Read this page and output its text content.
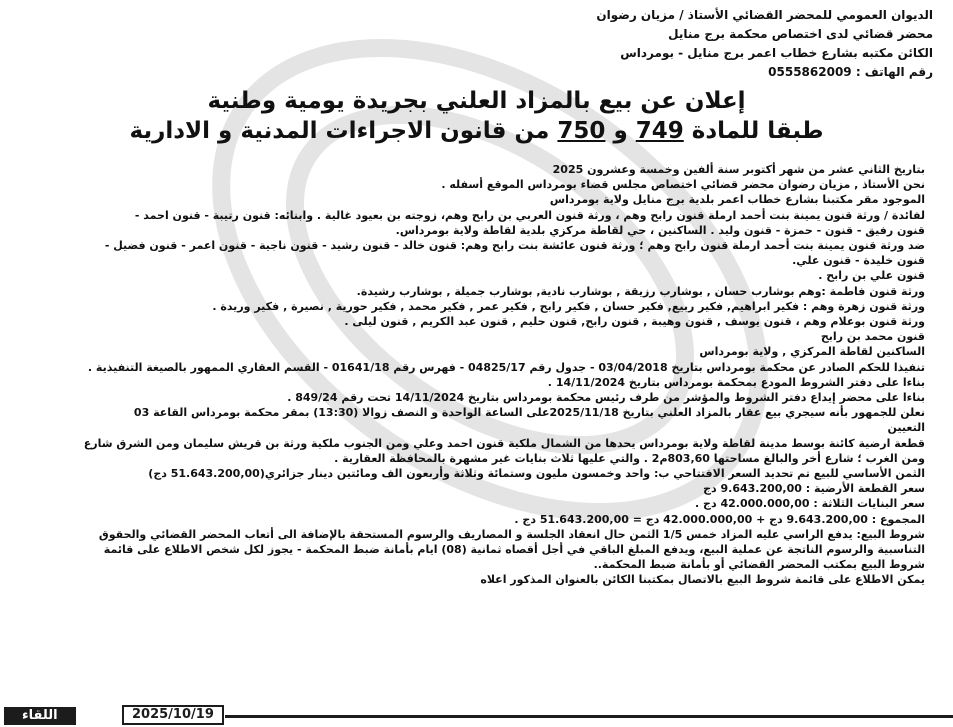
الديوان العمومي للمحضر القضائي الأستاذ / مزيان رضوان
محضر قضائي لدى اختصاص محكمة برج منايل
الكائن مكتبه بشارع خطاب اعمر برج منايل - بومرداس
رقم الهاتف : 0555862009
إعلان عن بيع بالمزاد العلني بجريدة يومية وطنية
طبقا للمادة 749 و 750 من قانون الاجراءات المدنية و الادارية
بتاريخ الثاني عشر من شهر أكتوبر سنة ألفين وخمسة وعشرون 2025
نحن الأستاذ , مزيان رضوان محضر قضائي اختصاص مجلس قضاء بومرداس الموقع أسفله .
الموجود مقر مكتبنا بشارع خطاب اعمر بلدية برج منايل ولاية بومرداس
لفائدة / ورثة قنون يمينة بنت أحمد ارملة قنون رابح وهم ، ورثة قنون العربي بن رابح وهم، زوجته بن بعيود غالية . وابنائه: قنون رتيبة - قنون احمد -
قنون رفيق - قنون - حمزة - قنون وليد . الساكنين ، حي لقاطة مركزي بلدية لقاطة ولاية بومرداس.
ضد ورثة قنون يمينة بنت أحمد ارملة قنون رابح وهم ؛ ورثة قنون عائشة بنت رابح وهم: قنون خالد - قنون رشيد - قنون ناجية - قنون اعمر - قنون فضيل -
قنون خليدة - قنون علي.
قنون علي بن رابح .
ورثة قنون فاطمة :وهم بوشارب حسان , بوشارب رزيقة , بوشارب نادية, بوشارب جميلة , بوشارب رشيدة.
ورثة قنون زهرة وهم : فكير ابراهيم, فكير ربيع, فكير حسان , فكير رابح , فكير عمر , فكير محمد , فكير حورية , نصيرة , فكير وريدة .
ورثة قنون بوعلام وهم ، قنون يوسف , قنون وهيبة , قنون رابح, قنون حليم , قنون عبد الكريم , قنون ليلى .
قنون محمد بن رابح
الساكنين لقاطة المركزي , ولاية بومرداس
تنفيذا للحكم الصادر عن محكمة بومرداس بتاريخ 03/04/2018 - جدول رقم 04825/17 - فهرس رقم 01641/18 - القسم العقاري الممهور بالصيغة التنفيذية .
بناءا على دفتر الشروط المودع بمحكمة بومرداس بتاريخ 14/11/2024 .
بناءا على محضر إيداع دفتر الشروط والمؤشر من طرف رئيس محكمة بومرداس بتاريخ 14/11/2024 تحت رقم 849/24 .
نعلن للجمهور بأنه سيجري بيع عقار بالمزاد العلني بتاريخ 2025/11/18على الساعة الواحدة و النصف زوالا (13:30) بمقر محكمة بومرداس القاعة 03
التعيين
قطعة ارضية كائنة بوسط مدينة لقاطة ولاية بومرداس يحدها من الشمال ملكية قنون احمد وعلي ومن الجنوب ملكية ورثة بن قريش سليمان ومن الشرق شارع
ومن الغرب ؛ شارع أخر والبالغ مساحتها 803,60م2 . والتي عليها ثلاث بنايات غير مشهرة بالمحافظة العقارية .
الثمن الأساسي للبيع تم تحديد السعر الافتتاحي ب: واحد وخمسون مليون وستمائة وثلاثة وأربعون الف ومائتين دينار جزائري(51.643.200,00 دج)
سعر القطعة الأرضية : 9.643.200,00 دج
سعر البنايات الثلاثة : 42.000.000,00 دج .
المجموع : 9.643.200,00 دج + 42.000.000,00 دج = 51.643.200,00 دج .
شروط البيع: يدفع الراسي عليه المزاد خمس 1/5 الثمن حال انعقاد الجلسة و المصاريف والرسوم المستحقة بالإضافة الى أتعاب المحضر القضائي والحقوق
التناسبية والرسوم الناتجة عن عملية البيع، ويدفع المبلغ الباقي في أجل أقصاه ثمانية (08) ايام بأمانة ضبط المحكمة - يجوز لكل شخص الاطلاع على قائمة
شروط البيع بمكتب المحضر القضائي أو بأمانة ضبط المحكمة..
يمكن الاطلاع على قائمة شروط البيع بالاتصال بمكتبنا الكائن بالعنوان المذكور اعلاه
2025/10/19
اللقاء
